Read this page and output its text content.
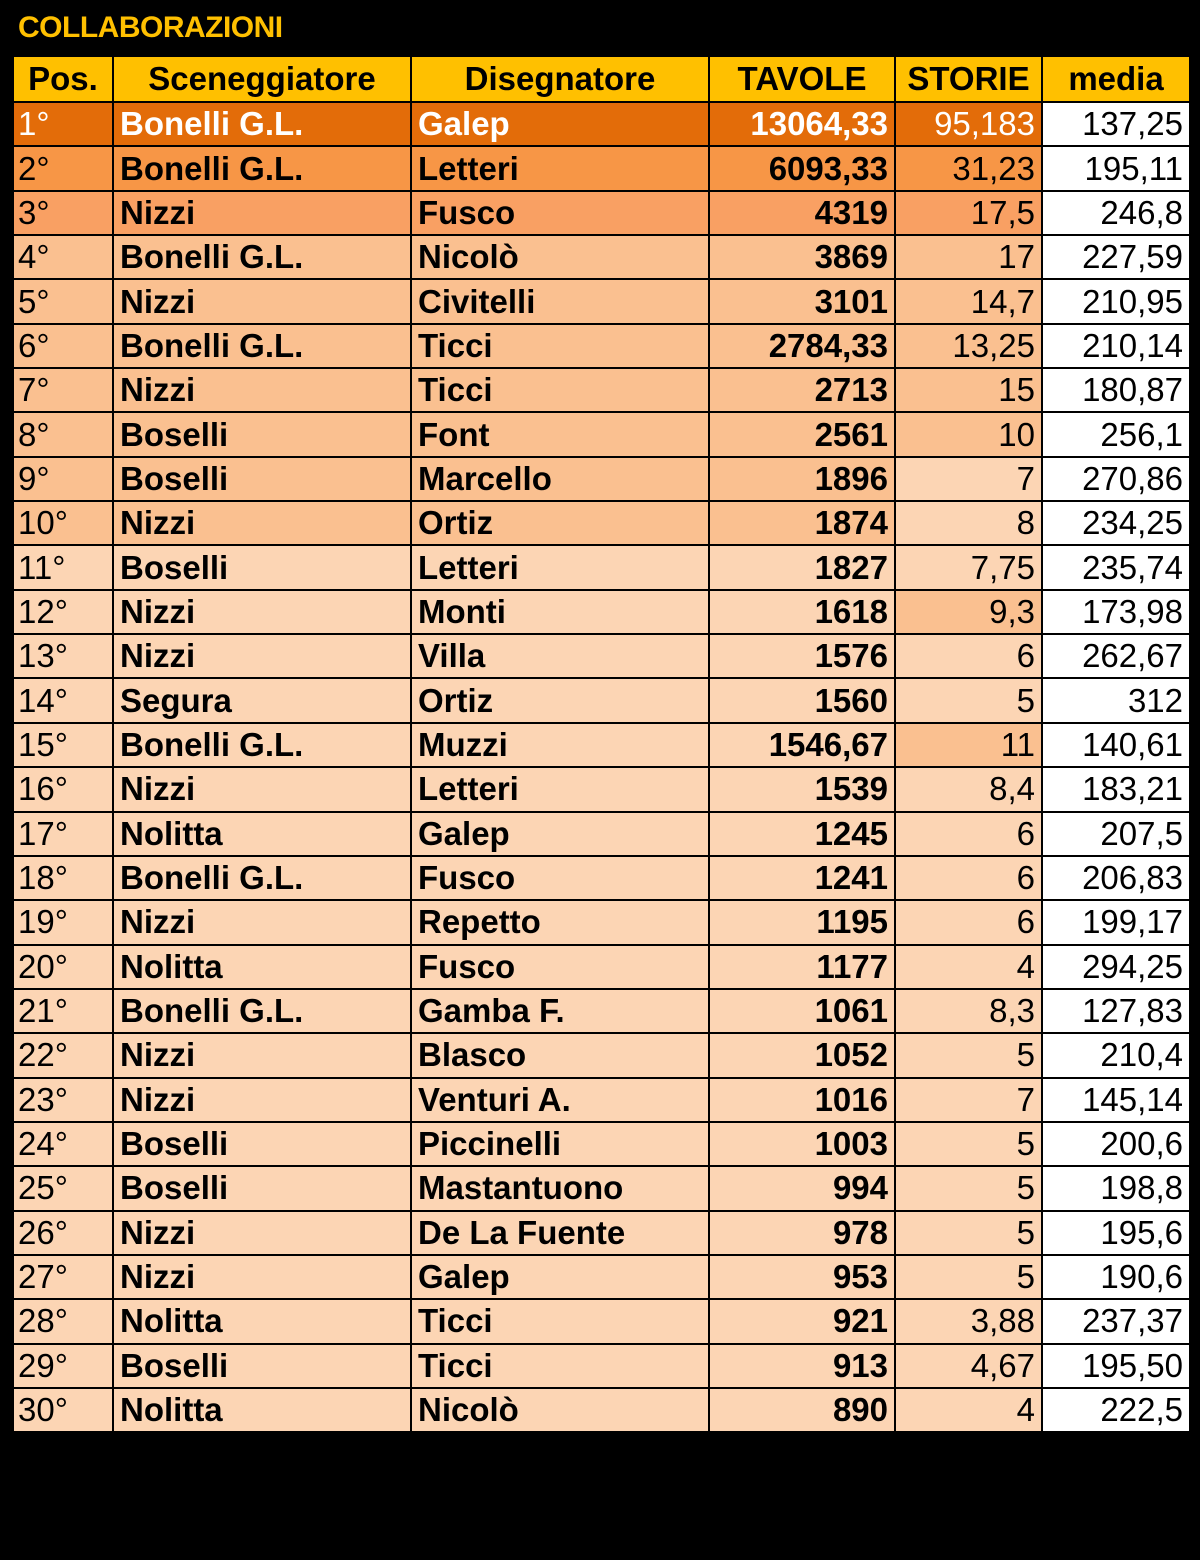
COLLABORAZIONI
Pos.	Sceneggiatore	Disegnatore	TAVOLE	STORIE	media
1°	Bonelli G.L.	Galep	13064,33	95,183	137,25
2°	Bonelli G.L.	Letteri	6093,33	31,23	195,11
3°	Nizzi	Fusco	4319	17,5	246,8
4°	Bonelli G.L.	Nicolò	3869	17	227,59
5°	Nizzi	Civitelli	3101	14,7	210,95
6°	Bonelli G.L.	Ticci	2784,33	13,25	210,14
7°	Nizzi	Ticci	2713	15	180,87
8°	Boselli	Font	2561	10	256,1
9°	Boselli	Marcello	1896	7	270,86
10°	Nizzi	Ortiz	1874	8	234,25
11°	Boselli	Letteri	1827	7,75	235,74
12°	Nizzi	Monti	1618	9,3	173,98
13°	Nizzi	Villa	1576	6	262,67
14°	Segura	Ortiz	1560	5	312
15°	Bonelli G.L.	Muzzi	1546,67	11	140,61
16°	Nizzi	Letteri	1539	8,4	183,21
17°	Nolitta	Galep	1245	6	207,5
18°	Bonelli G.L.	Fusco	1241	6	206,83
19°	Nizzi	Repetto	1195	6	199,17
20°	Nolitta	Fusco	1177	4	294,25
21°	Bonelli G.L.	Gamba F.	1061	8,3	127,83
22°	Nizzi	Blasco	1052	5	210,4
23°	Nizzi	Venturi A.	1016	7	145,14
24°	Boselli	Piccinelli	1003	5	200,6
25°	Boselli	Mastantuono	994	5	198,8
26°	Nizzi	De La Fuente	978	5	195,6
27°	Nizzi	Galep	953	5	190,6
28°	Nolitta	Ticci	921	3,88	237,37
29°	Boselli	Ticci	913	4,67	195,50
30°	Nolitta	Nicolò	890	4	222,5
